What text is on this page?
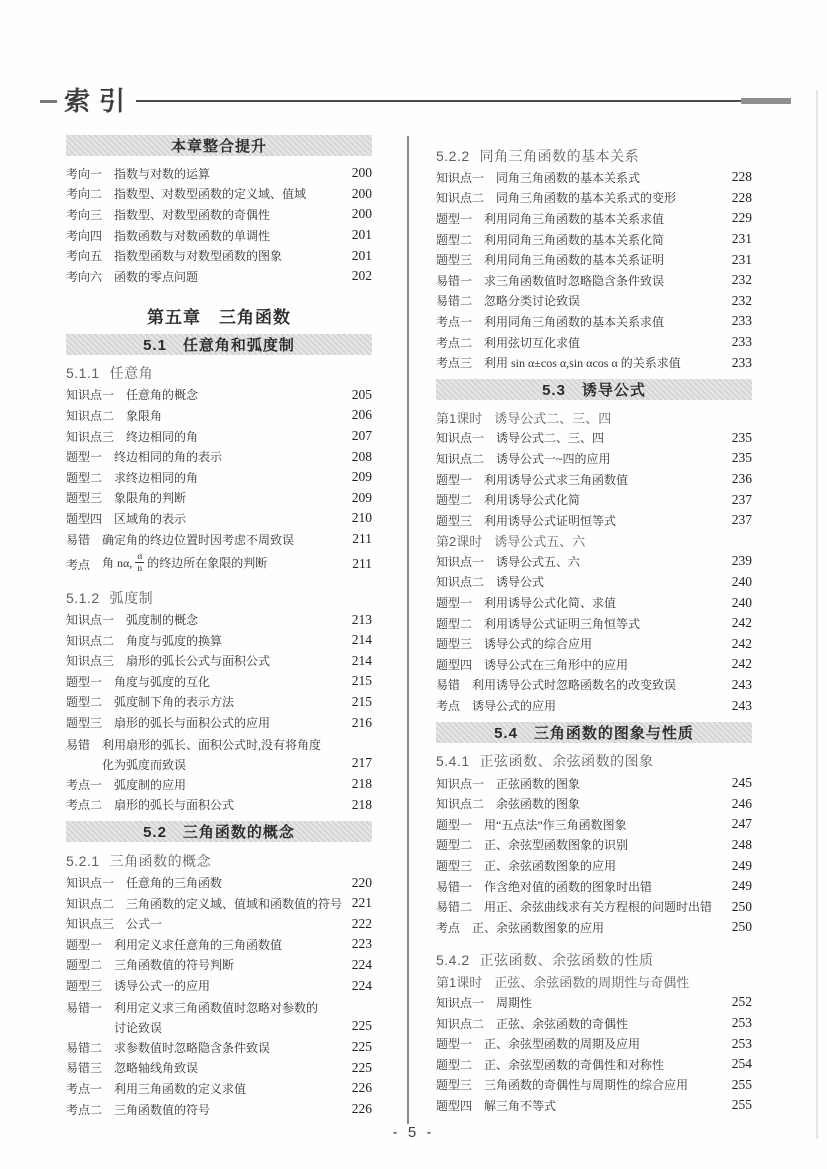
索引
本章整合提升
考向一 指数与对数的运算	200
考向二 指数型、对数型函数的定义域、值域	200
考向三 指数型、对数型函数的奇偶性	200
考向四 指数函数与对数函数的单调性	201
考向五 指数型函数与对数型函数的图象	201
考向六 函数的零点问题	202
第五章　三角函数
5.1　任意角和弧度制
5.1.1 任意角
知识点一 任意角的概念	205
知识点二 象限角	206
知识点三 终边相同的角	207
题型一 终边相同的角的表示	208
题型二 求终边相同的角	209
题型三 象限角的判断	209
题型四 区域角的表示	210
易错 确定角的终边位置时因考虑不周致误	211
考点 角 nα, $\frac{\alpha}{n}$ 的终边所在象限的判断	211
5.1.2 弧度制
知识点一 弧度制的概念	213
知识点二 角度与弧度的换算	214
知识点三 扇形的弧长公式与面积公式	214
题型一 角度与弧度的互化	215
题型二 弧度制下角的表示方法	215
题型三 扇形的弧长与面积公式的应用	216
易错 利用扇形的弧长、面积公式时,没有将角度
化为弧度而致误	217
考点一 弧度制的应用	218
考点二 扇形的弧长与面积公式	218
5.2　三角函数的概念
5.2.1 三角函数的概念
知识点一 任意角的三角函数	220
知识点二 三角函数的定义域、值域和函数值的符号 221
知识点三 公式一	222
题型一 利用定义求任意角的三角函数值	223
题型二 三角函数值的符号判断	224
题型三 诱导公式一的应用	224
易错一 利用定义求三角函数值时忽略对参数的
讨论致误	225
易错二 求参数值时忽略隐含条件致误	225
易错三 忽略轴线角致误	225
考点一 利用三角函数的定义求值	226
考点二 三角函数值的符号	226
5.2.2 同角三角函数的基本关系
知识点一 同角三角函数的基本关系式	228
知识点二 同角三角函数的基本关系式的变形	228
题型一 利用同角三角函数的基本关系求值	229
题型二 利用同角三角函数的基本关系化简	231
题型三 利用同角三角函数的基本关系证明	231
易错一 求三角函数值时忽略隐含条件致误	232
易错二 忽略分类讨论致误	232
考点一 利用同角三角函数的基本关系求值	233
考点二 利用弦切互化求值	233
考点三 利用 sin α±cos α,sin αcos α 的关系求值	233
5.3　诱导公式
第1课时 诱导公式二、三、四
知识点一 诱导公式二、三、四	235
知识点二 诱导公式一~四的应用	235
题型一 利用诱导公式求三角函数值	236
题型二 利用诱导公式化简	237
题型三 利用诱导公式证明恒等式	237
第2课时 诱导公式五、六
知识点一 诱导公式五、六	239
知识点二 诱导公式	240
题型一 利用诱导公式化简、求值	240
题型二 利用诱导公式证明三角恒等式	242
题型三 诱导公式的综合应用	242
题型四 诱导公式在三角形中的应用	242
易错 利用诱导公式时忽略函数名的改变致误	243
考点 诱导公式的应用	243
5.4　三角函数的图象与性质
5.4.1 正弦函数、余弦函数的图象
知识点一 正弦函数的图象	245
知识点二 余弦函数的图象	246
题型一 用“五点法”作三角函数图象	247
题型二 正、余弦型函数图象的识别	248
题型三 正、余弦函数图象的应用	249
易错一 作含绝对值的函数的图象时出错	249
易错二 用正、余弦曲线求有关方程根的问题时出错	250
考点 正、余弦函数图象的应用	250
5.4.2 正弦函数、余弦函数的性质
第1课时 正弦、余弦函数的周期性与奇偶性
知识点一 周期性	252
知识点二 正弦、余弦函数的奇偶性	253
题型一 正、余弦型函数的周期及应用	253
题型二 正、余弦型函数的奇偶性和对称性	254
题型三 三角函数的奇偶性与周期性的综合应用	255
题型四 解三角不等式	255
- 5 -
